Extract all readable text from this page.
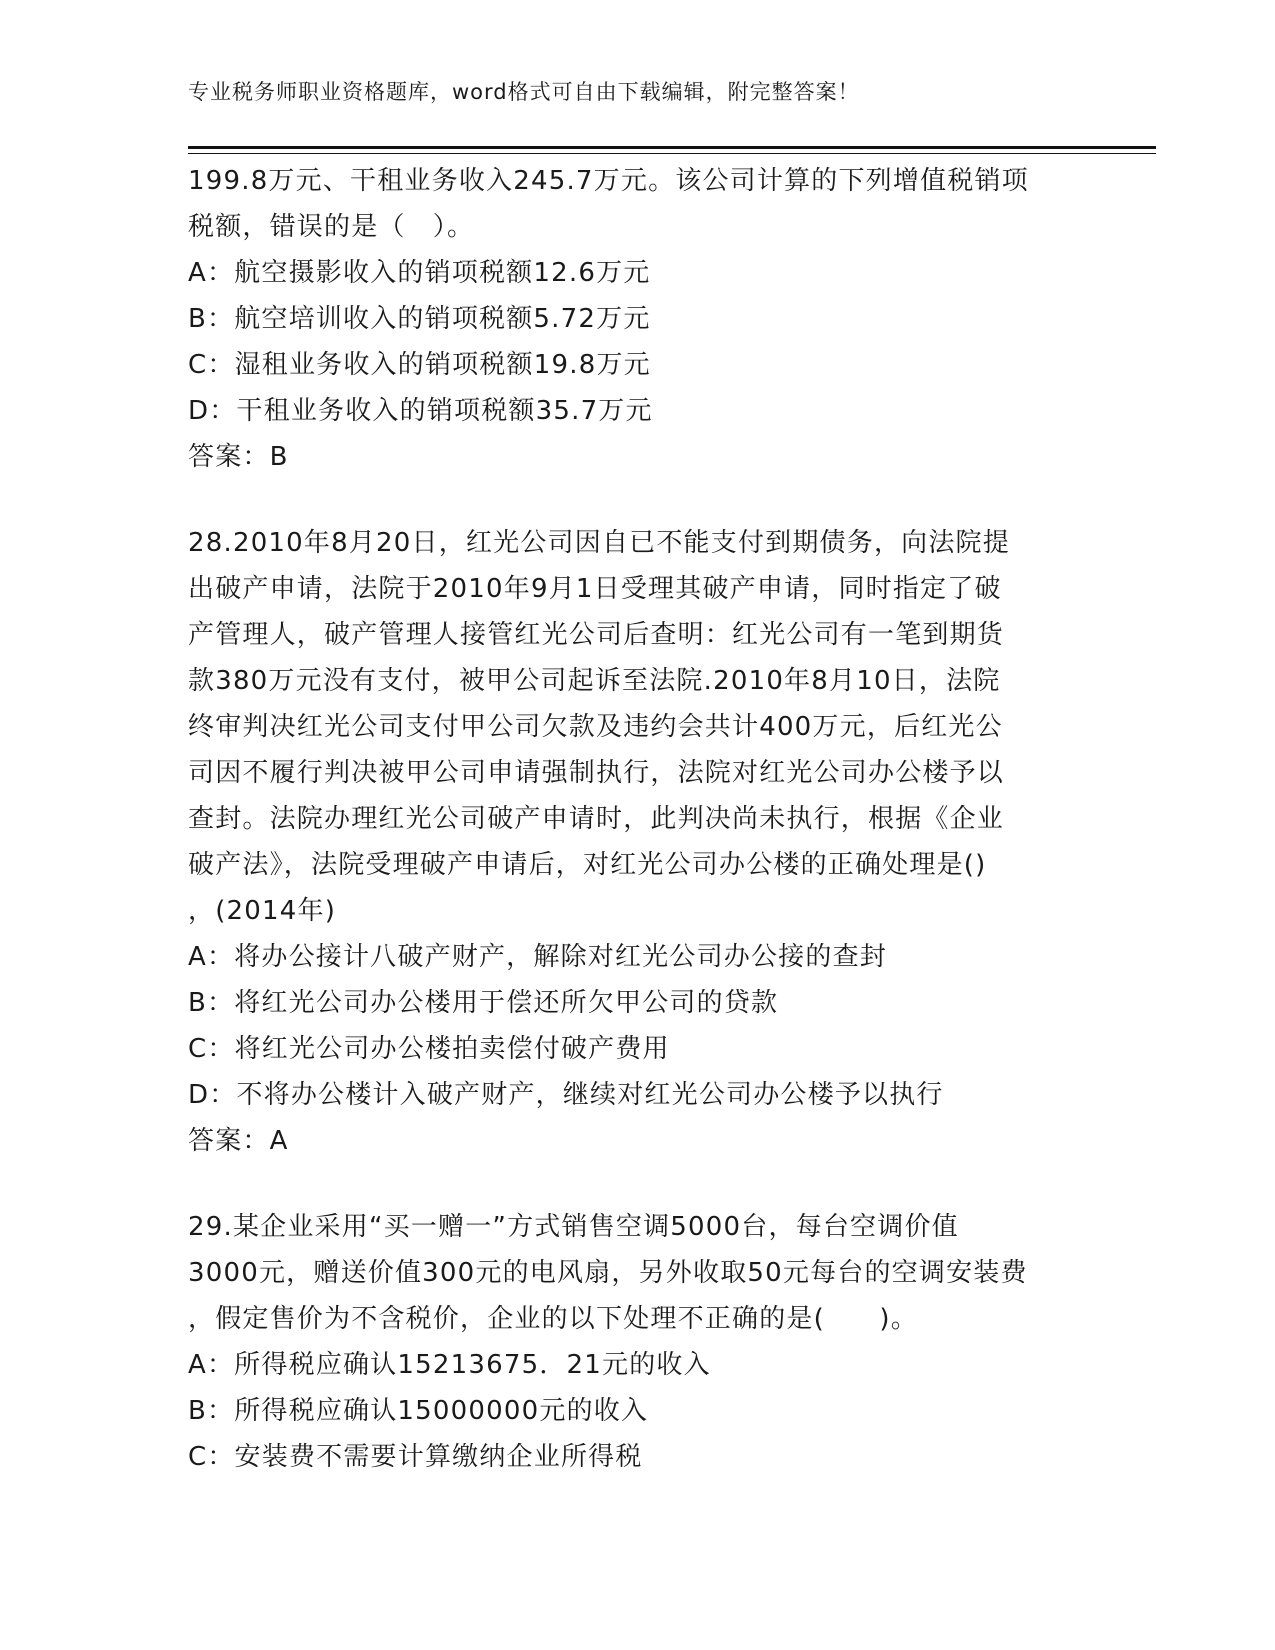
专业税务师职业资格题库，word格式可自由下载编辑，附完整答案！
199.8万元、干租业务收入245.7万元。该公司计算的下列增值税销项
税额，错误的是（　）。
A：航空摄影收入的销项税额12.6万元
B：航空培训收入的销项税额5.72万元
C：湿租业务收入的销项税额19.8万元
D：干租业务收入的销项税额35.7万元
答案：B
28.2010年8月20日，红光公司因自已不能支付到期债务，向法院提
出破产申请，法院于2010年9月1日受理其破产申请，同时指定了破
产管理人，破产管理人接管红光公司后查明：红光公司有一笔到期货
款380万元没有支付，被甲公司起诉至法院.2010年8月10日，法院
终审判决红光公司支付甲公司欠款及违约会共计400万元，后红光公
司因不履行判决被甲公司申请强制执行，法院对红光公司办公楼予以
查封。法院办理红光公司破产申请时，此判决尚未执行，根据《企业
破产法》，法院受理破产申请后，对红光公司办公楼的正确处理是()
，(2014年)
A：将办公接计八破产财产，解除对红光公司办公接的查封
B：将红光公司办公楼用于偿还所欠甲公司的贷款
C：将红光公司办公楼拍卖偿付破产费用
D：不将办公楼计入破产财产，继续对红光公司办公楼予以执行
答案：A
29.某企业采用“买一赠一”方式销售空调5000台，每台空调价值
3000元，赠送价值300元的电风扇，另外收取50元每台的空调安装费
，假定售价为不含税价，企业的以下处理不正确的是(　　)。
A：所得税应确认15213675．21元的收入
B：所得税应确认15000000元的收入
C：安装费不需要计算缴纳企业所得税
